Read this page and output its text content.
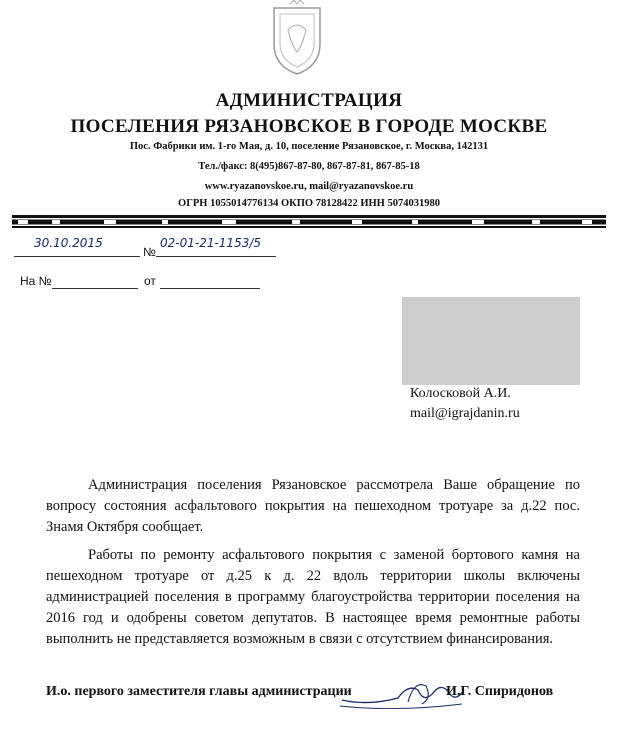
АДМИНИСТРАЦИЯ
ПОСЕЛЕНИЯ РЯЗАНОВСКОЕ В ГОРОДЕ МОСКВЕ
Пос. Фабрики им. 1-го Мая, д. 10, поселение Рязановское, г. Москва, 142131
Тел./факс: 8(495)867-87-80, 867-87-81, 867-85-18
www.ryazanovskoe.ru, mail@ryazanovskoe.ru
ОГРН 1055014776134 ОКПО 78128422 ИНН 5074031980
30.10.2015
№
02-01-21-1153/5
На №	от
Колосковой А.И.
mail@igrajdanin.ru

Администрация поселения Рязановское рассмотрела Ваше обращение по вопросу состояния асфальтового покрытия на пешеходном тротуаре за д.22 пос. Знамя Октября сообщает.

Работы по ремонту асфальтового покрытия с заменой бортового камня на пешеходном тротуаре от д.25 к д. 22 вдоль территории школы включены администрацией поселения в программу благоустройства территории поселения на 2016 год и одобрены советом депутатов. В настоящее время ремонтные работы выполнить не представляется возможным в связи с отсутствием финансирования.

И.о. первого заместителя главы администрации	И.Г. Спиридонов
